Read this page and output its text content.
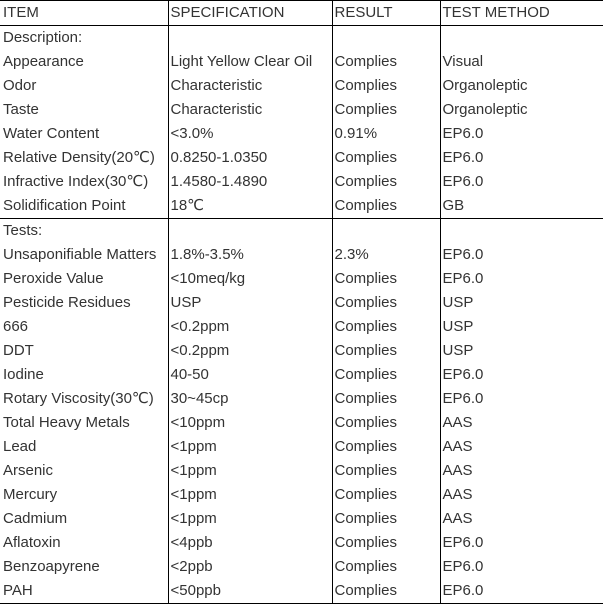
ITEM	SPECIFICATION	RESULT	TEST METHOD
Description:			
Appearance	Light Yellow Clear Oil	Complies	Visual
Odor	Characteristic	Complies	Organoleptic
Taste	Characteristic	Complies	Organoleptic
Water Content	<3.0%	0.91%	EP6.0
Relative Density(20℃)	0.8250-1.0350	Complies	EP6.0
Infractive Index(30℃)	1.4580-1.4890	Complies	EP6.0
Solidification Point	18℃	Complies	GB
Tests:			
Unsaponifiable Matters	1.8%-3.5%	2.3%	EP6.0
Peroxide Value	<10meq/kg	Complies	EP6.0
Pesticide Residues	USP	Complies	USP
666	<0.2ppm	Complies	USP
DDT	<0.2ppm	Complies	USP
Iodine	40-50	Complies	EP6.0
Rotary Viscosity(30℃)	30~45cp	Complies	EP6.0
Total Heavy Metals	<10ppm	Complies	AAS
Lead	<1ppm	Complies	AAS
Arsenic	<1ppm	Complies	AAS
Mercury	<1ppm	Complies	AAS
Cadmium	<1ppm	Complies	AAS
Aflatoxin	<4ppb	Complies	EP6.0
Benzoapyrene	<2ppb	Complies	EP6.0
PAH	<50ppb	Complies	EP6.0
